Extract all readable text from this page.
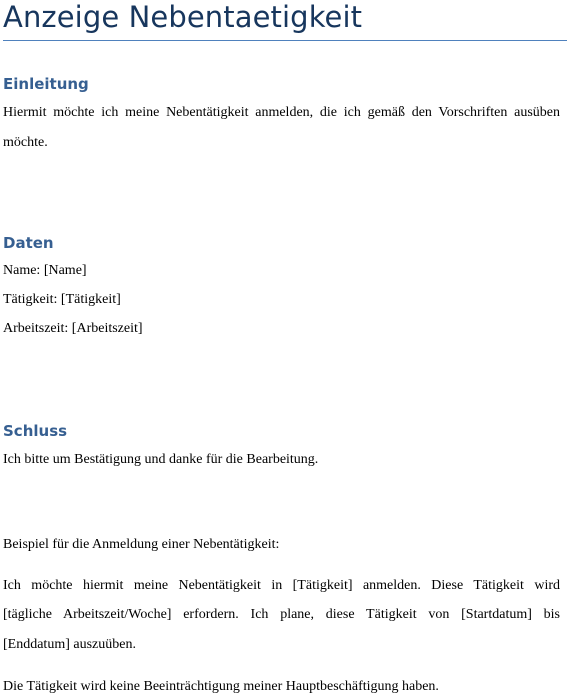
Anzeige Nebentaetigkeit
Einleitung

Hiermit möchte ich meine Nebentätigkeit anmelden, die ich gemäß den Vorschriften ausüben

möchte.

Daten

Name: [Name]

Tätigkeit: [Tätigkeit]

Arbeitszeit: [Arbeitszeit]

Schluss

Ich bitte um Bestätigung und danke für die Bearbeitung.

Beispiel für die Anmeldung einer Nebentätigkeit:

Ich möchte hiermit meine Nebentätigkeit in [Tätigkeit] anmelden. Diese Tätigkeit wird

[tägliche Arbeitszeit/Woche] erfordern. Ich plane, diese Tätigkeit von [Startdatum] bis

[Enddatum] auszuüben.

Die Tätigkeit wird keine Beeinträchtigung meiner Hauptbeschäftigung haben.
